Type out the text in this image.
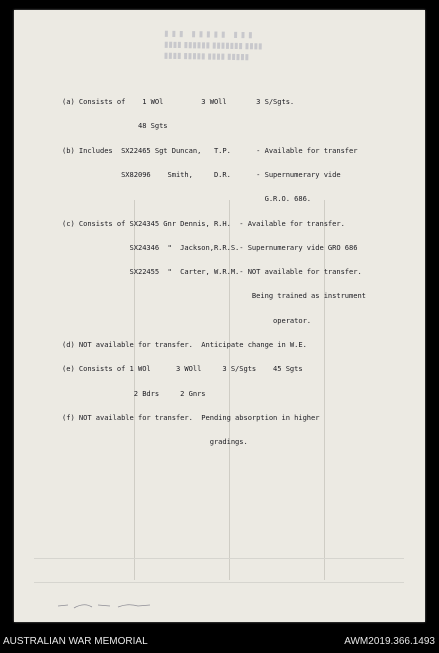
▮▮▮ ▮▮▮▮▮ ▮▮▮
▮▮▮▮ ▮▮▮▮▮▮ ▮▮▮▮▮▮▮ ▮▮▮▮
▮▮▮▮ ▮▮▮▮▮ ▮▮▮▮ ▮▮▮▮▮

(a) Consists of    1 WOl         3 WOll       3 S/Sgts.

48 Sgts

(b) Includes  SX22465 Sgt Duncan,   T.P.      - Available for transfer

SX82096    Smith,     D.R.      - Supernumerary vide

G.R.O. 686.

(c) Consists of SX24345 Gnr Dennis, R.H.  - Available for transfer.

SX24346  "  Jackson,R.R.S.- Supernumerary vide GRO 686

SX22455  "  Carter, W.R.M.- NOT available for transfer.

Being trained as instrument

operator.

(d) NOT available for transfer.  Anticipate change in W.E.

(e) Consists of 1 WOl      3 WOll     3 S/Sgts    45 Sgts

2 Bdrs     2 Gnrs

(f) NOT available for transfer.  Pending absorption in higher

gradings.

AUSTRALIAN WAR MEMORIAL	AWM2019.366.1493
